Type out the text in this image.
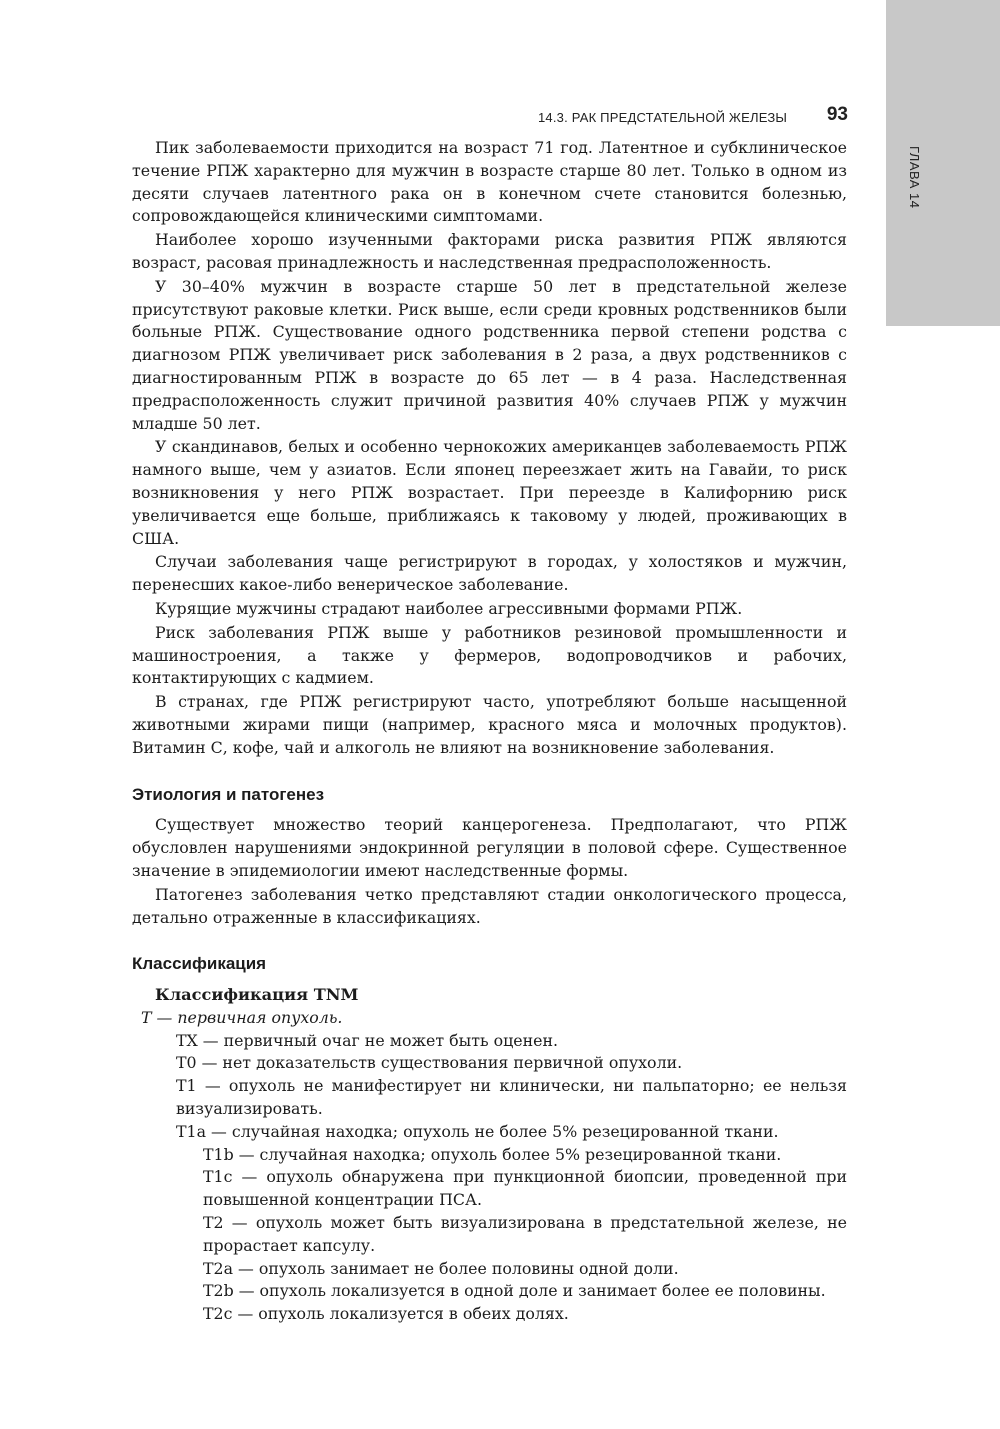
ГЛАВА 14
14.3. РАК ПРЕДСТАТЕЛЬНОЙ ЖЕЛЕЗЫ 93

Пик заболеваемости приходится на возраст 71 год. Латентное и субклиническое течение РПЖ характерно для мужчин в возрасте старше 80 лет. Только в одном из десяти случаев латентного рака он в конечном счете становится болезнью, сопровождающейся клиническими симптомами.

Наиболее хорошо изученными факторами риска развития РПЖ являются возраст, расовая принадлежность и наследственная предрасположенность.

У 30–40% мужчин в возрасте старше 50 лет в предстательной железе присутствуют раковые клетки. Риск выше, если среди кровных родственников были больные РПЖ. Существование одного родственника первой степени родства с диагнозом РПЖ увеличивает риск заболевания в 2 раза, а двух родственников с диагностированным РПЖ в возрасте до 65 лет — в 4 раза. Наследственная предрасположенность служит причиной развития 40% случаев РПЖ у мужчин младше 50 лет.

У скандинавов, белых и особенно чернокожих американцев заболеваемость РПЖ намного выше, чем у азиатов. Если японец переезжает жить на Гавайи, то риск возникновения у него РПЖ возрастает. При переезде в Калифорнию риск увеличивается еще больше, приближаясь к таковому у людей, проживающих в США.

Случаи заболевания чаще регистрируют в городах, у холостяков и мужчин, перенесших какое-либо венерическое заболевание.

Курящие мужчины страдают наиболее агрессивными формами РПЖ.

Риск заболевания РПЖ выше у работников резиновой промышленности и машиностроения, а также у фермеров, водопроводчиков и рабочих, контактирующих с кадмием.

В странах, где РПЖ регистрируют часто, употребляют больше насыщенной животными жирами пищи (например, красного мяса и молочных продуктов). Витамин С, кофе, чай и алкоголь не влияют на возникновение заболевания.

Этиология и патогенез

Существует множество теорий канцерогенеза. Предполагают, что РПЖ обусловлен нарушениями эндокринной регуляции в половой сфере. Существенное значение в эпидемиологии имеют наследственные формы.

Патогенез заболевания четко представляют стадии онкологического процесса, детально отраженные в классификациях.

Классификация
Классификация TNM
T — первичная опухоль.
TX — первичный очаг не может быть оценен.
T0 — нет доказательств существования первичной опухоли.
T1 — опухоль не манифестирует ни клинически, ни пальпаторно; ее нельзя визуализировать.
T1a — случайная находка; опухоль не более 5% резецированной ткани.
T1b — случайная находка; опухоль более 5% резецированной ткани.
T1c — опухоль обнаружена при пункционной биопсии, проведенной при повышенной концентрации ПСА.
T2 — опухоль может быть визуализирована в предстательной железе, не прорастает капсулу.
T2a — опухоль занимает не более половины одной доли.
T2b — опухоль локализуется в одной доле и занимает более ее половины.
T2c — опухоль локализуется в обеих долях.
